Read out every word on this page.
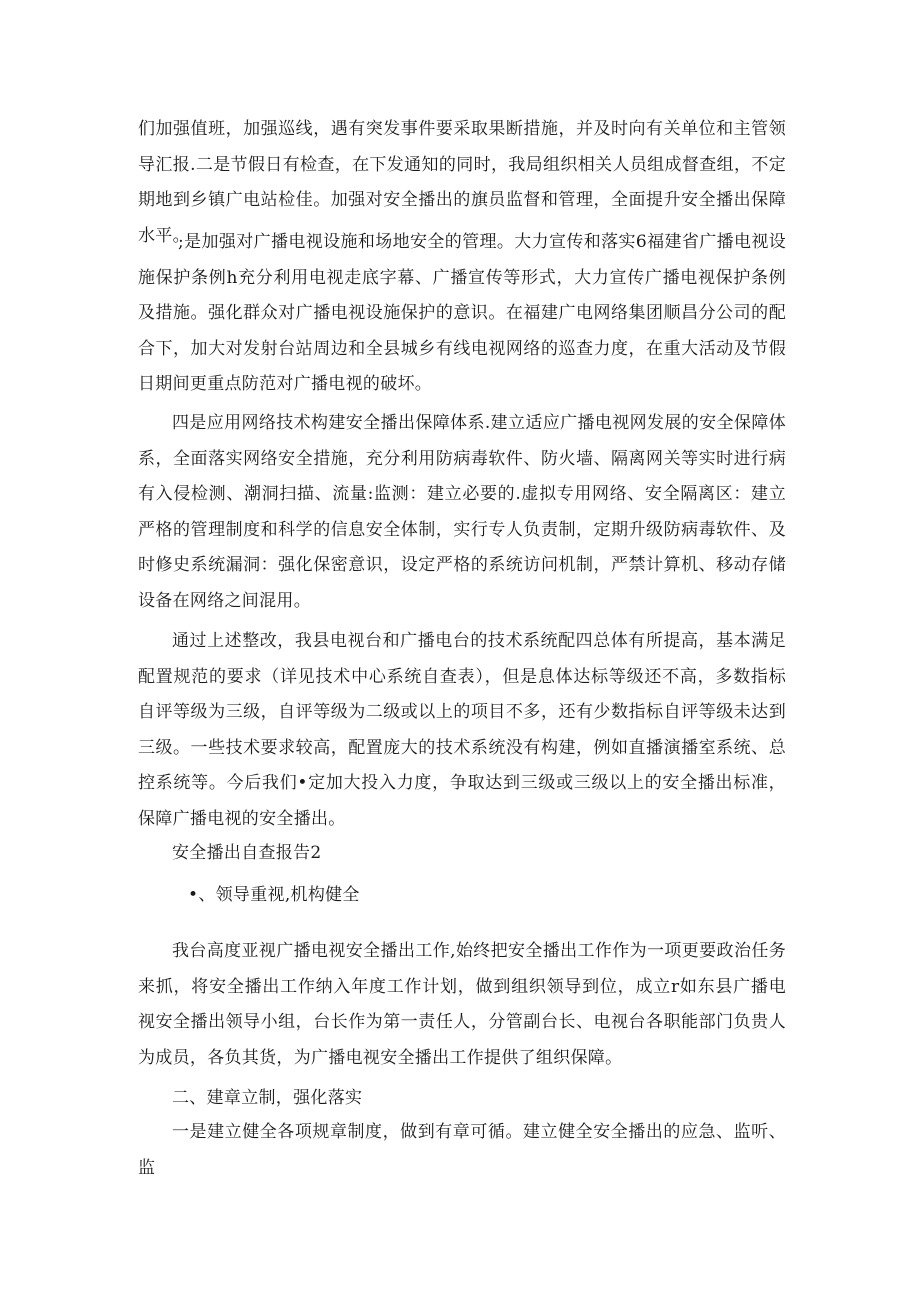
们加强值班，加强巡线，遇有突发事件要采取果断措施，并及时向有关单位和主管领导汇报.二是节假日有检查，在下发通知的同时，我局组织相关人员组成督查组，不定期地到乡镇广电站检佳。加强对安全播出的旗员监督和管理，全面提升安全播出保障水平。

;是加强对广播电视设施和场地安全的管理。大力宣传和落实6福建省广播电视设施保护条例h充分利用电视走底字幕、广播宣传等形式，大力宣传广播电视保护条例及措施。强化群众对广播电视设施保护的意识。在福建广电网络集团顺昌分公司的配合下，加大对发射台站周边和全县城乡有线电视网络的巡查力度，在重大活动及节假日期间更重点防范对广播电视的破坏。

四是应用网络技术构建安全播出保障体系.建立适应广播电视网发展的安全保障体系，全面落实网络安全措施，充分利用防病毒软件、防火墙、隔离网关等实时进行病有入侵检测、潮洞扫描、流量:监测：建立必要的.虚拟专用网络、安全隔离区：建立严格的管理制度和科学的信息安全体制，实行专人负责制，定期升级防病毒软件、及时修史系统漏洞：强化保密意识，设定严格的系统访问机制，严禁计算机、移动存储设备在网络之间混用。

通过上述整改，我县电视台和广播电台的技术系统配四总体有所提高，基本满足配置规范的要求（详见技术中心系统自查表），但是息体达标等级还不高，多数指标自评等级为三级，自评等级为二级或以上的项目不多，还有少数指标自评等级未达到三级。一些技术要求较高，配置庞大的技术系统没有构建，例如直播演播室系统、总控系统等。今后我们•定加大投入力度，争取达到三级或三级以上的安全播出标准，保障广播电视的安全播出。

安全播出自查报告2

•、领导重视,机构健全

我台高度亚视广播电视安全播出工作,始终把安全播出工作作为一项更要政治任务来抓，将安全播出工作纳入年度工作计划，做到组织领导到位，成立r如东县广播电视安全播出领导小组，台长作为第一责任人，分管副台长、电视台各职能部门负贵人为成员，各负其货，为广播电视安全播出工作提供了组织保障。

二、建章立制，强化落实

一是建立健全各项规章制度，做到有章可循。建立健全安全播出的应急、监听、监
